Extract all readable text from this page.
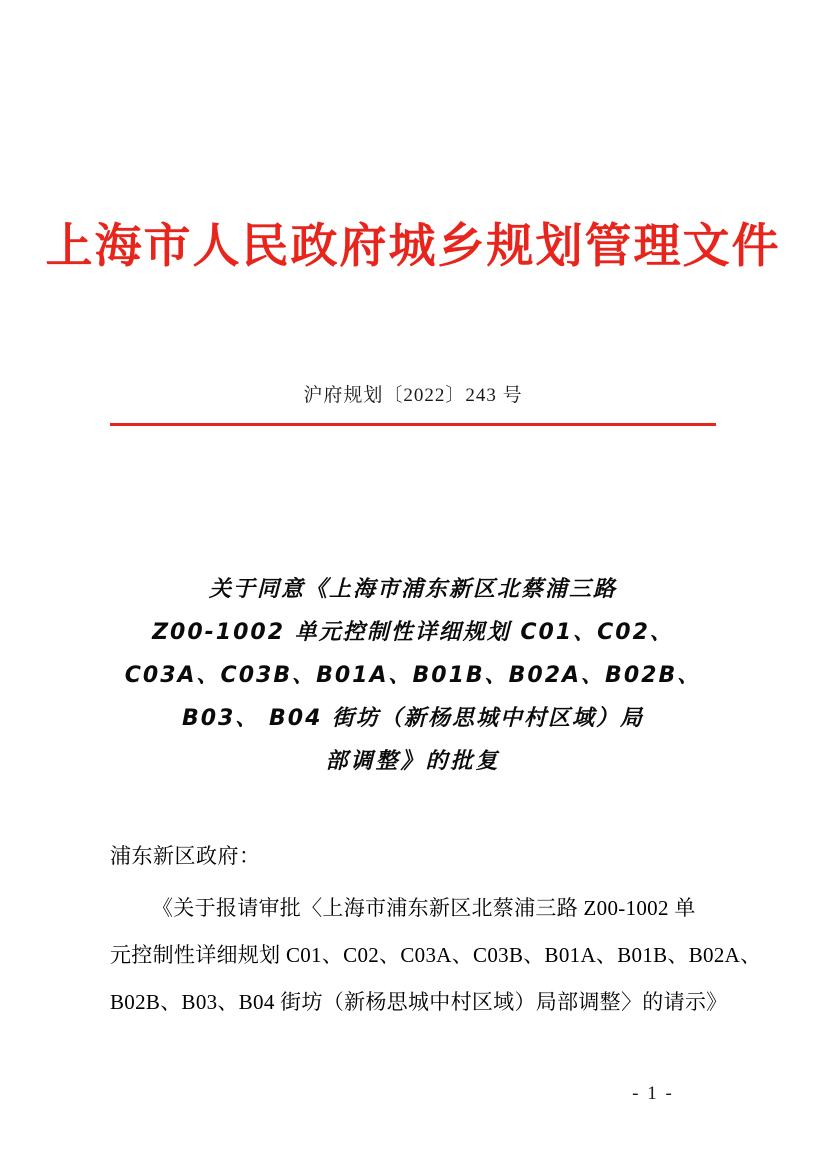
上海市人民政府城乡规划管理文件
沪府规划〔2022〕243 号
关于同意《上海市浦东新区北蔡浦三路
Z00-1002 单元控制性详细规划 C01、C02、
C03A、C03B、B01A、B01B、B02A、B02B、
B03、 B04 街坊（新杨思城中村区域）局
部调整》的批复
浦东新区政府：
《关于报请审批〈上海市浦东新区北蔡浦三路 Z00-1002 单
元控制性详细规划 C01、C02、C03A、C03B、B01A、B01B、B02A、
B02B、B03、B04 街坊（新杨思城中村区域）局部调整〉的请示》
- 1 -
